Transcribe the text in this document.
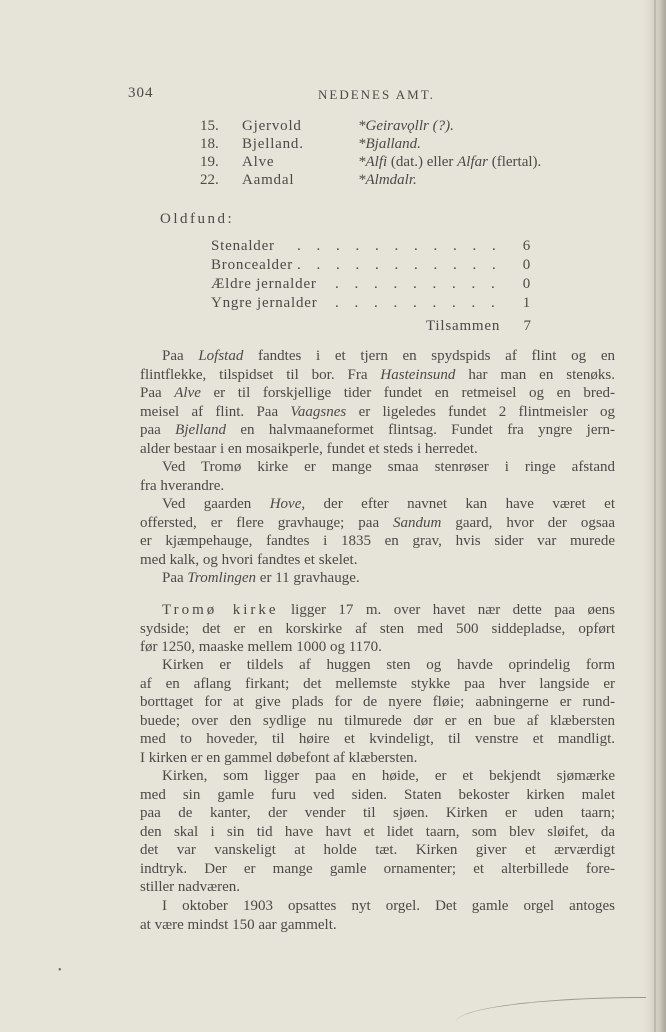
304	NEDENES AMT.
15. Gjervold	*Geiravǫllr (?).
18. Bjelland.	*Bjalland.
19. Alve	*Alfi (dat.) eller Alfar (flertal).
22. Aamdal	*Almdalr.
Oldfund:
. . . . . . . . . . .
Stenalder	6
. . . . . . . . . . .
Broncealder	0
. . . . . . . . .
Ældre jernalder	0
. . . . . . . . .
Yngre jernalder	1
Tilsammen 7
Paa Lofstad fandtes i et tjern en spydspids af flint og en
flintflekke, tilspidset til bor. Fra Hasteinsund har man en stenøks.
Paa Alve er til forskjellige tider fundet en retmeisel og en bred-
meisel af flint. Paa Vaagsnes er ligeledes fundet 2 flintmeisler og
paa Bjelland en halvmaaneformet flintsag. Fundet fra yngre jern-
alder bestaar i en mosaikperle, fundet et steds i herredet.
Ved Tromø kirke er mange smaa stenrøser i ringe afstand
fra hverandre.
Ved gaarden Hove, der efter navnet kan have været et
offersted, er flere gravhauge; paa Sandum gaard, hvor der ogsaa
er kjæmpehauge, fandtes i 1835 en grav, hvis sider var murede
med kalk, og hvori fandtes et skelet.
Paa Tromlingen er 11 gravhauge.
Tromø kirke ligger 17 m. over havet nær dette paa øens
sydside; det er en korskirke af sten med 500 siddepladse, opført
før 1250, maaske mellem 1000 og 1170.
Kirken er tildels af huggen sten og havde oprindelig form
af en aflang firkant; det mellemste stykke paa hver langside er
borttaget for at give plads for de nyere fløie; aabningerne er rund-
buede; over den sydlige nu tilmurede dør er en bue af klæbersten
med to hoveder, til høire et kvindeligt, til venstre et mandligt.
I kirken er en gammel døbefont af klæbersten.
Kirken, som ligger paa en høide, er et bekjendt sjømærke
med sin gamle furu ved siden. Staten bekoster kirken malet
paa de kanter, der vender til sjøen. Kirken er uden taarn;
den skal i sin tid have havt et lidet taarn, som blev sløifet, da
det var vanskeligt at holde tæt. Kirken giver et ærværdigt
indtryk. Der er mange gamle ornamenter; et alterbillede fore-
stiller nadværen.
I oktober 1903 opsattes nyt orgel. Det gamle orgel antoges
at være mindst 150 aar gammelt.
•
